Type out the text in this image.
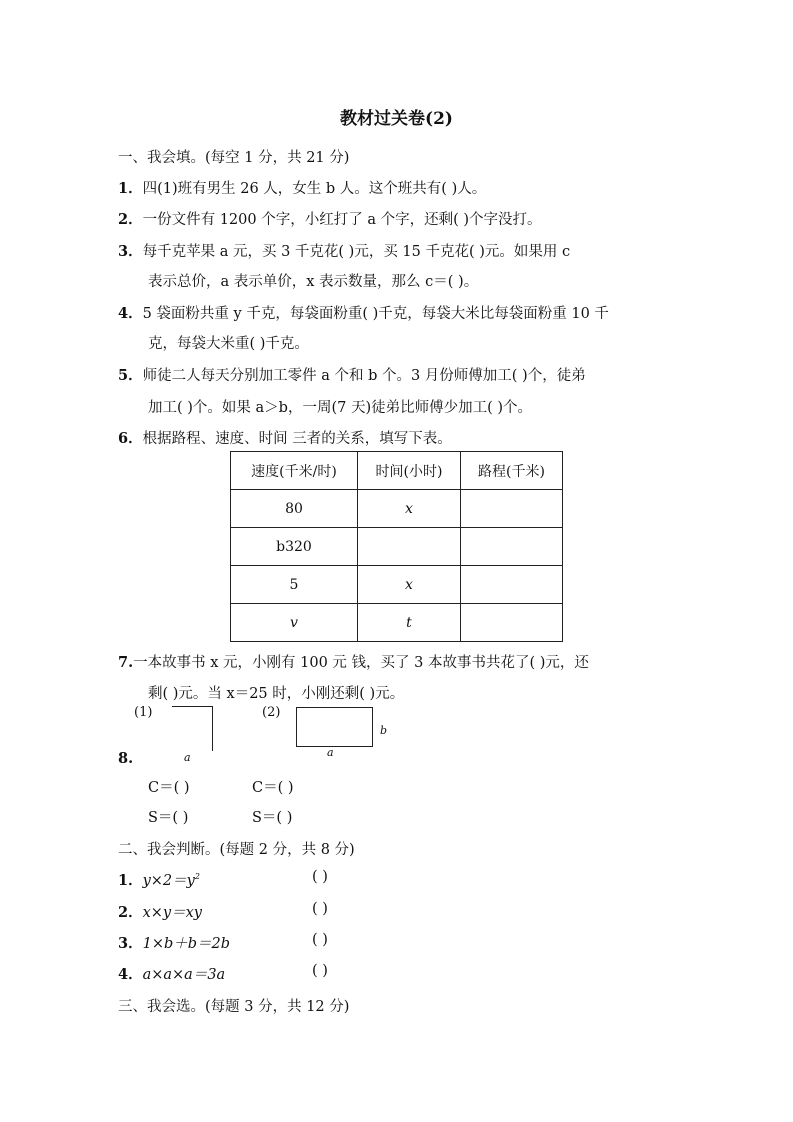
教材过关卷(2)
一、我会填。(每空 1 分，共 21 分)
1．四(1)班有男生 26 人，女生 b 人。这个班共有( )人。
2．一份文件有 1200 个字，小红打了 a 个字，还剩( )个字没打。
3．每千克苹果 a 元，买 3 千克花( )元，买 15 千克花( )元。如果用 c
表示总价，a 表示单价，x 表示数量，那么 c＝( )。
4．5 袋面粉共重 y 千克，每袋面粉重( )千克，每袋大米比每袋面粉重 10 千
克，每袋大米重( )千克。
5．师徒二人每天分别加工零件 a 个和 b 个。3 月份师傅加工( )个，徒弟
加工( )个。如果 a＞b，一周(7 天)徒弟比师傅少加工( )个。
6．根据路程、速度、时间 三者的关系，填写下表。
速度(千米/时)	时间(小时)	路程(千米)
80	x	
b320		
5	x	
v	t	
7.一本故事书 x 元，小刚有 100 元 钱，买了 3 本故事书共花了( )元，还
剩( )元。当 x＝25 时，小刚还剩( )元。
(1)
a
(2)
a
b
8.
C＝( )	C＝( )
S＝( )	S＝( )
二、我会判断。(每题 2 分，共 8 分)
1．$y\times 2=y^2$	( )
2．x×y＝xy	( )
3．1×b＋b＝2b	( )
4．a×a×a＝3a	( )
三、我会选。(每题 3 分，共 12 分)
